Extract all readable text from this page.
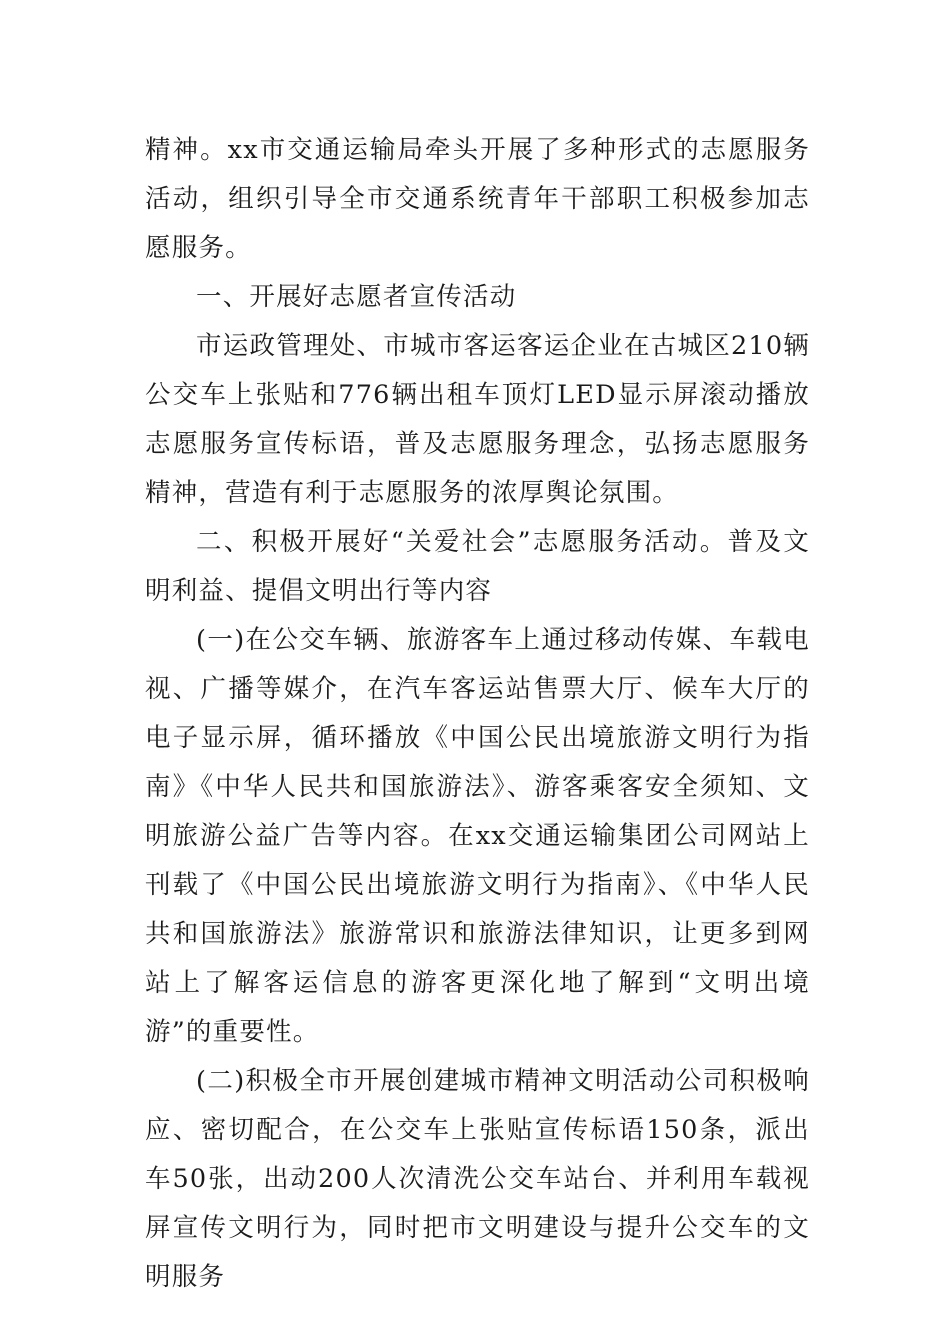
精神。xx市交通运输局牵头开展了多种形式的志愿服务活动，组织引导全市交通系统青年干部职工积极参加志愿服务。

一、开展好志愿者宣传活动

市运政管理处、市城市客运客运企业在古城区210辆公交车上张贴和776辆出租车顶灯LED显示屏滚动播放志愿服务宣传标语，普及志愿服务理念，弘扬志愿服务精神，营造有利于志愿服务的浓厚舆论氛围。

二、积极开展好“关爱社会”志愿服务活动。普及文明利益、提倡文明出行等内容

(一)在公交车辆、旅游客车上通过移动传媒、车载电视、广播等媒介，在汽车客运站售票大厅、候车大厅的电子显示屏，循环播放《中国公民出境旅游文明行为指南》《中华人民共和国旅游法》、游客乘客安全须知、文明旅游公益广告等内容。在xx交通运输集团公司网站上刊载了《中国公民出境旅游文明行为指南》、《中华人民共和国旅游法》旅游常识和旅游法律知识，让更多到网站上了解客运信息的游客更深化地了解到“文明出境游”的重要性。

(二)积极全市开展创建城市精神文明活动公司积极响应、密切配合，在公交车上张贴宣传标语150条，派出车50张，出动200人次清洗公交车站台、并利用车载视屏宣传文明行为，同时把市文明建设与提升公交车的文明服务
